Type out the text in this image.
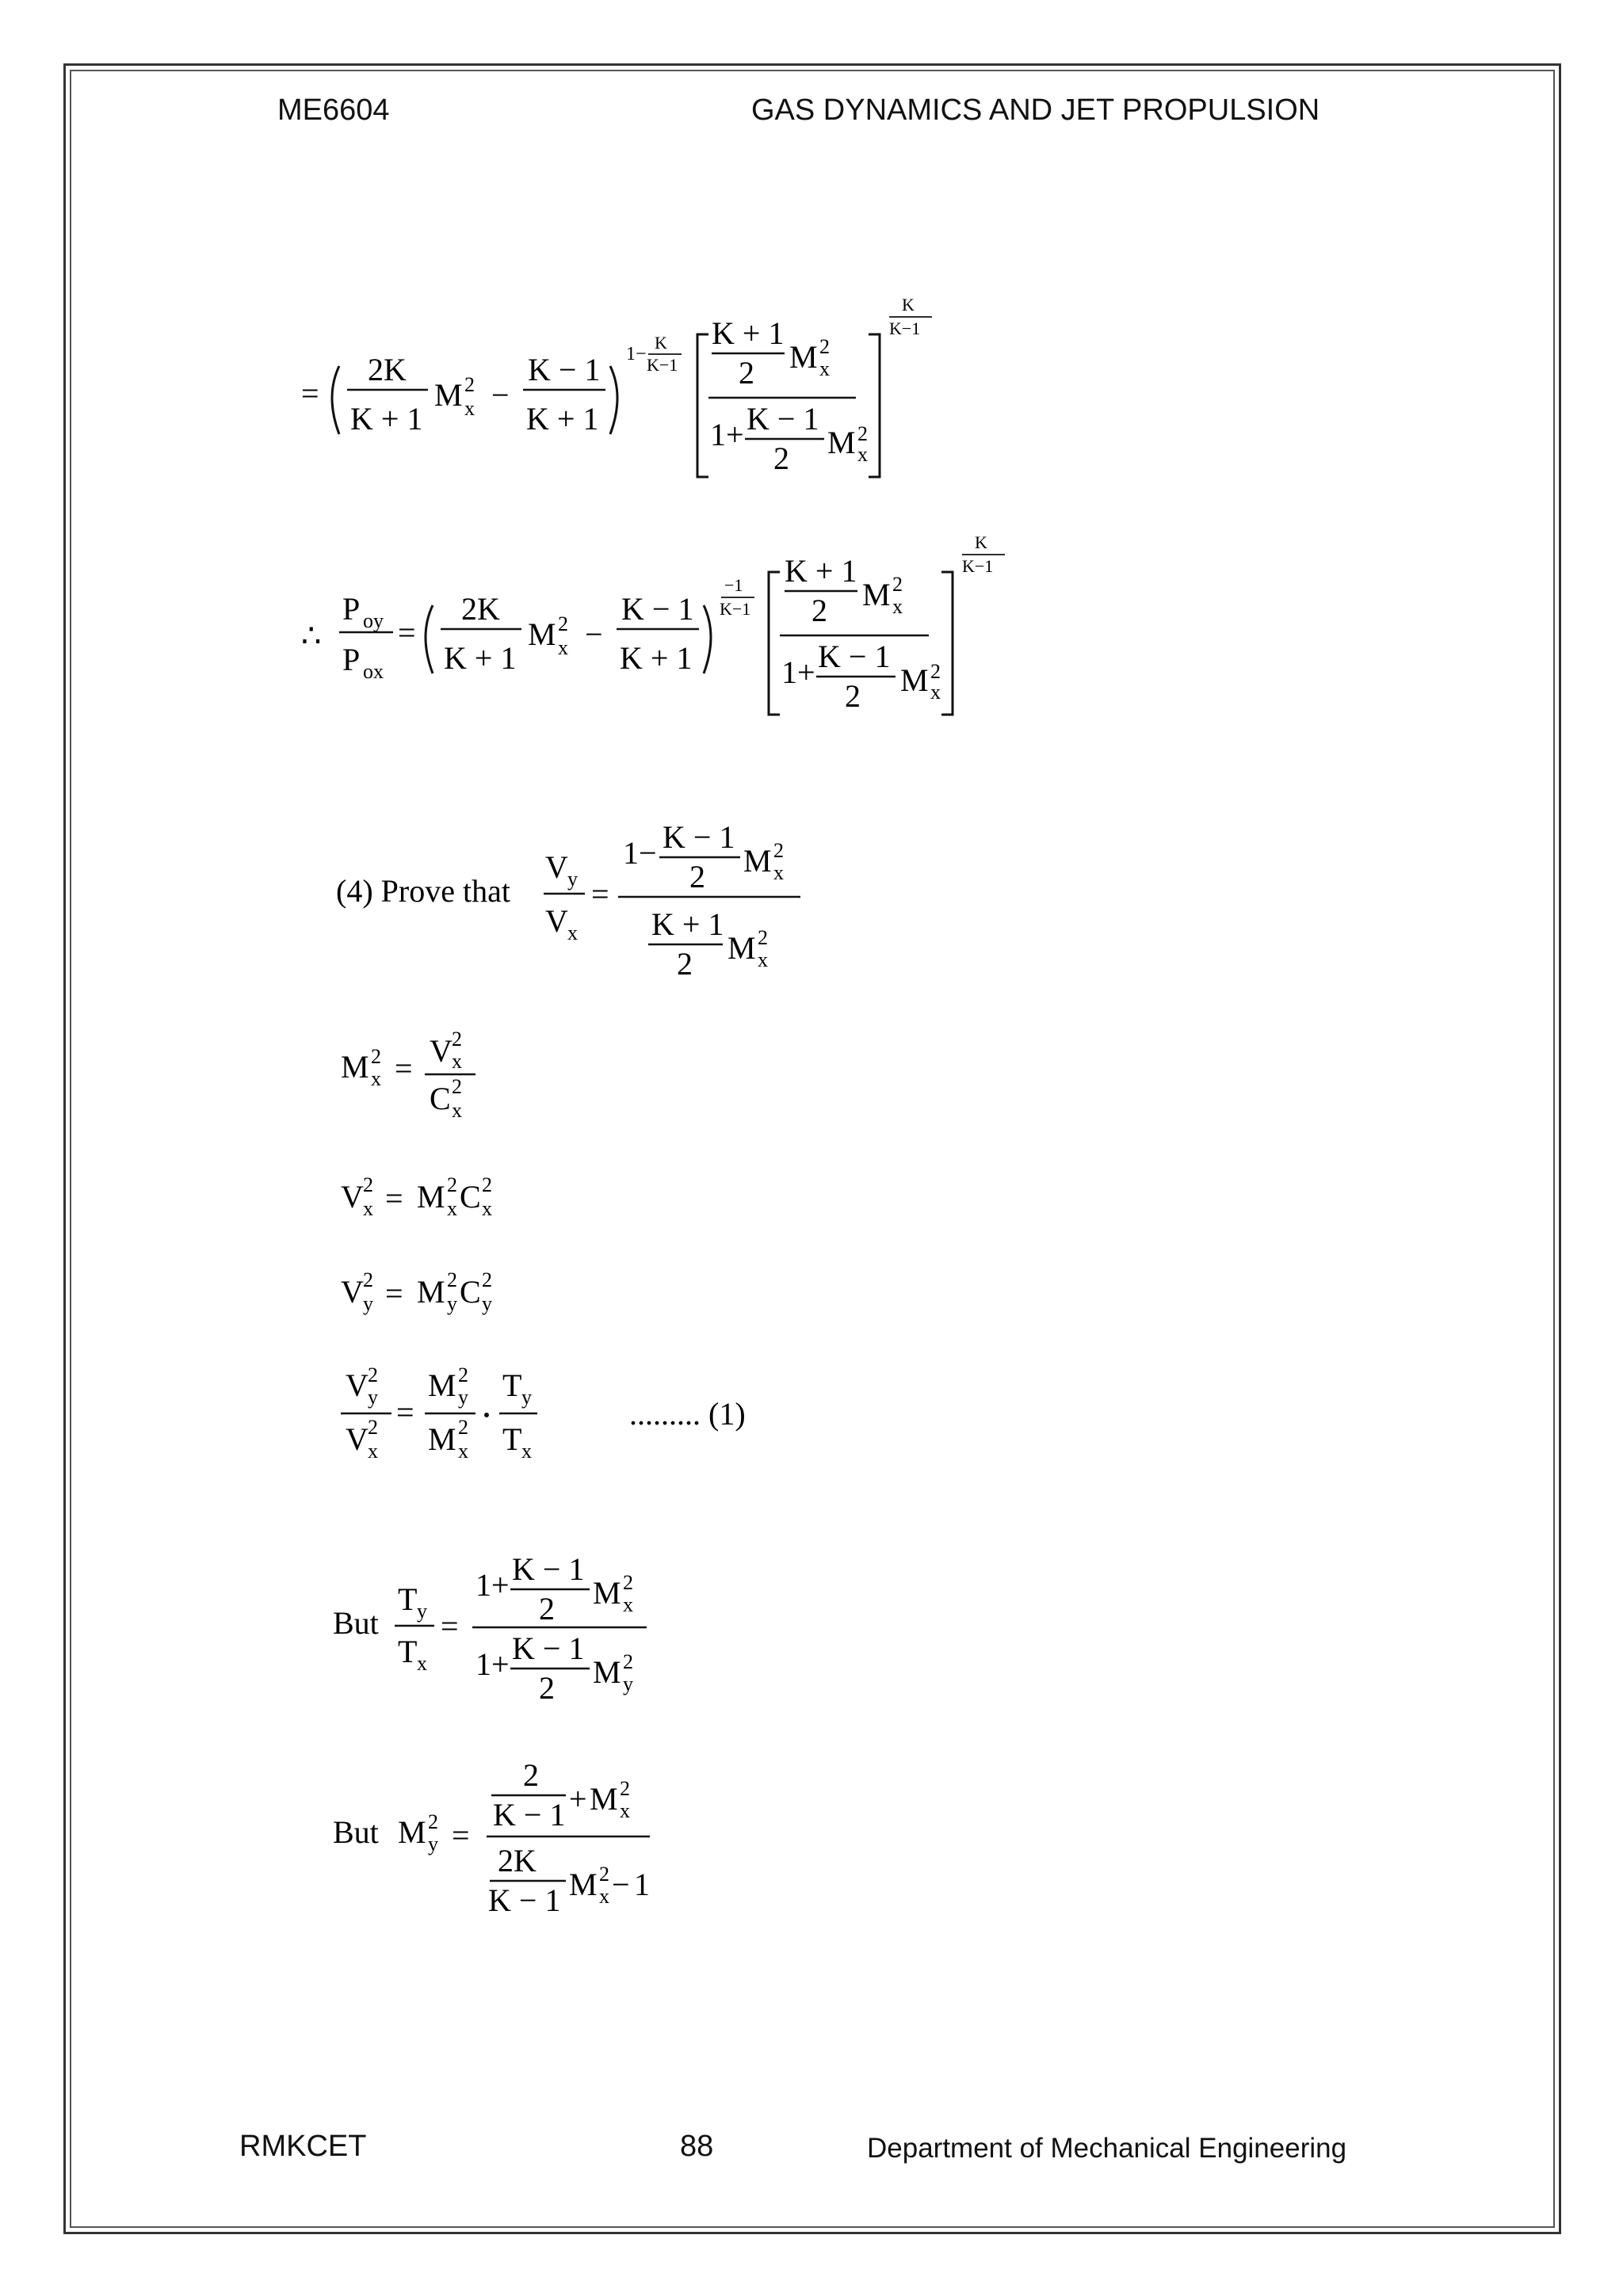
ME6604	GAS DYNAMICS AND JET PROPULSION
=
2K
K + 1
M 2
x −
K − 1
K + 1
1 −
K
K−1
K + 1
2 M 2
x
1 + K − 1
2 M 2
x
K
K−1
∴
P oy
P ox
=
2K
K + 1
M 2
x −
K − 1
K + 1
−1
K−1
K + 1
2 M 2
x
1 + K − 1
2 M 2
x
K
K−1
(4) Prove that
V y
V x
=
1 − K − 1
2 M 2
x
K + 1
2 M 2
x
M 2
x = V 2
x
C 2
x
V 2
x = M 2
x C 2
x
V 2
y = M 2
y C 2
y
V 2
y
V 2
x
=
M 2
y
M 2
x
T y
T x
......... (1)
But
T y
T x
=
1 + K − 1
2 M 2
x
1 + K − 1
2 M 2
y
But M 2
y =
2
K − 1 + M 2
x
2K
K − 1 M 2
x − 1
RMKCET	88	Department of Mechanical Engineering
